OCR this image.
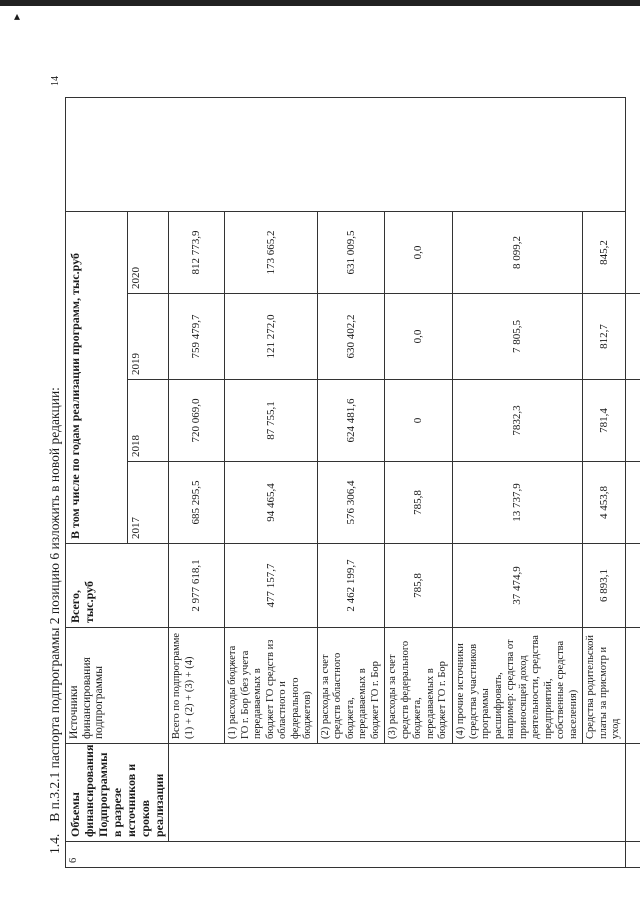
▴
14
1.4.В п.3.2.1 паспорта подпрограммы 2 позицию 6 изложить в новой редакции:
6	Объемы финансирования Подпрограммы в разрезе источников и сроков реализации	Источники финансирования подпрограммы	Всего, тыс.руб	В том числе по годам реализации программ, тыс.руб				
				2017	2018	2019	2020	
		Всего по подпрограмме (1) + (2) + (3) + (4)	2 977 618,1	685 295,5	720 069,0	759 479,7	812 773,9	
		(1) расходы бюджета ГО г. Бор (без учета передаваемых в бюджет ГО средств из областного и федерального бюджетов)	477 157,7	94 465,4	87 755,1	121 272,0	173 665,2	
		(2) расходы за счет средств областного бюджета, передаваемых в бюджет ГО г. Бор	2 462 199,7	576 306,4	624 481,6	630 402,2	631 009,5	
		(3) расходы за счет средств федерального бюджета, передаваемых в бюджет ГО г. Бор	785,8	785,8	0	0,0	0,0	
		(4) прочие источники (средства участников программы расшифровать, например: средства от приносящей доход деятельности, средства предприятий, собственные средства населения)	37 474,9	13 737,9	7832,3	7 805,5	8 099,2	
		Средства родительской платы за присмотр и уход	6 893,1	4 453,8	781,4	812,7	845,2	
